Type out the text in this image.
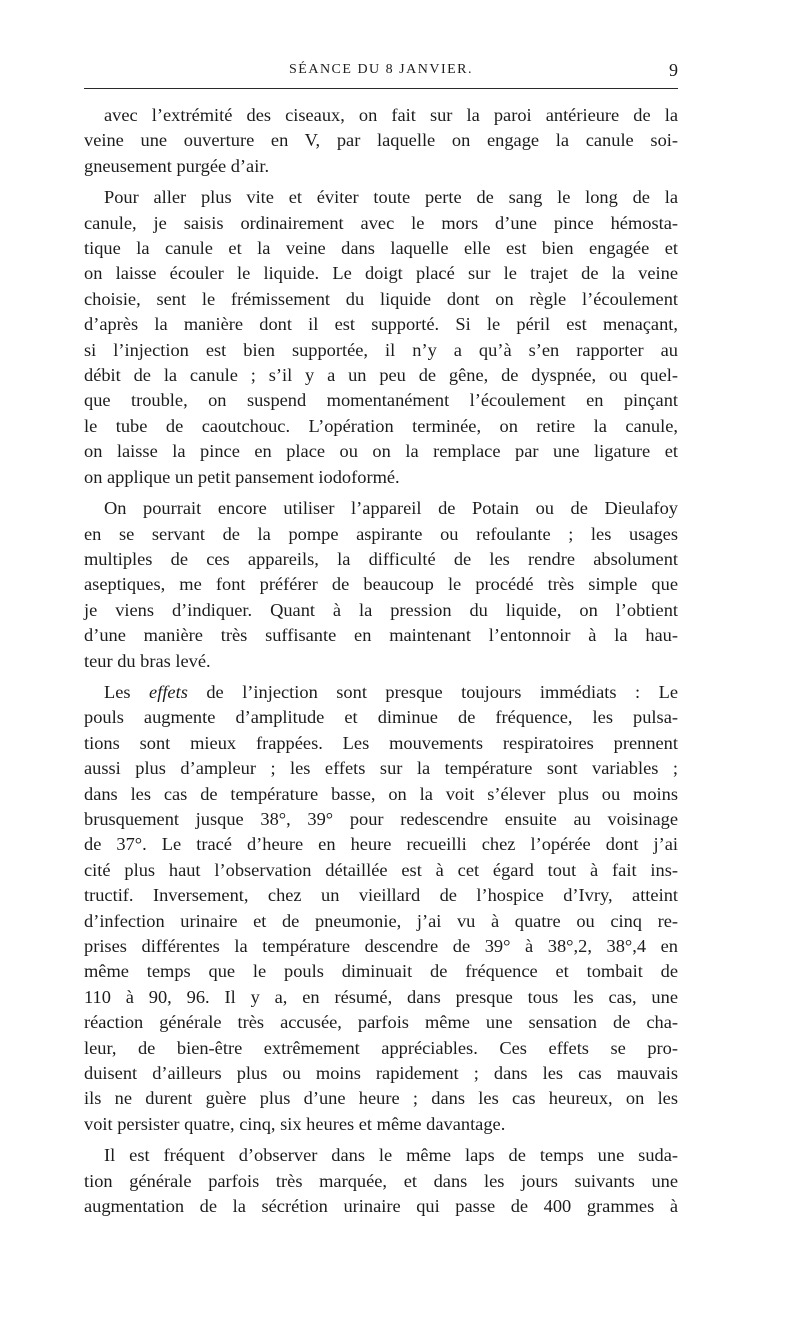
SÉANCE DU 8 JANVIER.	9

avec l’extrémité des ciseaux, on fait sur la paroi antérieure de la
veine une ouverture en V, par laquelle on engage la canule soi-
gneusement purgée d’air.

Pour aller plus vite et éviter toute perte de sang le long de la
canule, je saisis ordinairement avec le mors d’une pince hémosta-
tique la canule et la veine dans laquelle elle est bien engagée et
on laisse écouler le liquide. Le doigt placé sur le trajet de la veine
choisie, sent le frémissement du liquide dont on règle l’écoulement
d’après la manière dont il est supporté. Si le péril est menaçant,
si l’injection est bien supportée, il n’y a qu’à s’en rapporter au
débit de la canule ; s’il y a un peu de gêne, de dyspnée, ou quel-
que trouble, on suspend momentanément l’écoulement en pinçant
le tube de caoutchouc. L’opération terminée, on retire la canule,
on laisse la pince en place ou on la remplace par une ligature et
on applique un petit pansement iodoformé.

On pourrait encore utiliser l’appareil de Potain ou de Dieulafoy
en se servant de la pompe aspirante ou refoulante ; les usages
multiples de ces appareils, la difficulté de les rendre absolument
aseptiques, me font préférer de beaucoup le procédé très simple que
je viens d’indiquer. Quant à la pression du liquide, on l’obtient
d’une manière très suffisante en maintenant l’entonnoir à la hau-
teur du bras levé.

Les effets de l’injection sont presque toujours immédiats : Le
pouls augmente d’amplitude et diminue de fréquence, les pulsa-
tions sont mieux frappées. Les mouvements respiratoires prennent
aussi plus d’ampleur ; les effets sur la température sont variables ;
dans les cas de température basse, on la voit s’élever plus ou moins
brusquement jusque 38°, 39° pour redescendre ensuite au voisinage
de 37°. Le tracé d’heure en heure recueilli chez l’opérée dont j’ai
cité plus haut l’observation détaillée est à cet égard tout à fait ins-
tructif. Inversement, chez un vieillard de l’hospice d’Ivry, atteint
d’infection urinaire et de pneumonie, j’ai vu à quatre ou cinq re-
prises différentes la température descendre de 39° à 38°,2, 38°,4 en
même temps que le pouls diminuait de fréquence et tombait de
110 à 90, 96. Il y a, en résumé, dans presque tous les cas, une
réaction générale très accusée, parfois même une sensation de cha-
leur, de bien-être extrêmement appréciables. Ces effets se pro-
duisent d’ailleurs plus ou moins rapidement ; dans les cas mauvais
ils ne durent guère plus d’une heure ; dans les cas heureux, on les
voit persister quatre, cinq, six heures et même davantage.

Il est fréquent d’observer dans le même laps de temps une suda-
tion générale parfois très marquée, et dans les jours suivants une
augmentation de la sécrétion urinaire qui passe de 400 grammes à
